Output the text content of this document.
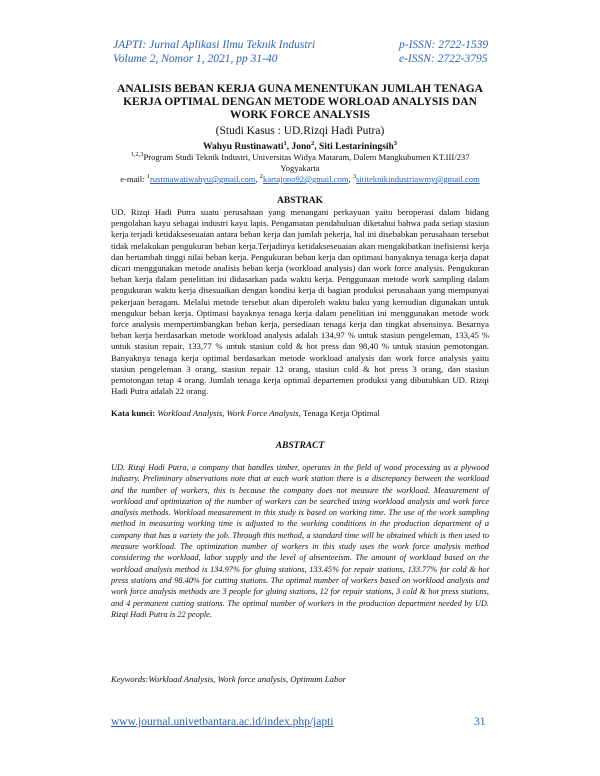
JAPTI: Jurnal Aplikasi Ilmu Teknik Industri
Volume 2, Nomor 1, 2021, pp 31-40
p-ISSN: 2722-1539
e-ISSN: 2722-3795
ANALISIS BEBAN KERJA GUNA MENENTUKAN JUMLAH TENAGA
KERJA OPTIMAL DENGAN METODE WORLOAD ANALYSIS DAN
WORK FORCE ANALYSIS
(Studi Kasus : UD.Rizqi Hadi Putra)
Wahyu Rustinawati$^1$, Jono$^2$, Siti Lestariningsih$^3$
$^{1,2,3}$Program Studi Teknik Industri, Universitas Widya Mataram, Dalem Mangkubumen KT.III/237
Yogyakarta
e-mail: $^1$rustinawatiwahyu@gmail.com, $^2$kartajono92@gmail.com, $^3$sititeknikindustriawmy@gmail.com
ABSTRAK

UD. Rizqi Hadi Putra suatu perusahaan yang menangani perkayuan yaitu beroperasi dalam bidang pengolahan kayu sebagai industri kayu lapis. Pengamatan pendahuluan diketahui bahwa pada setiap stasiun kerja terjadi ketidakseseuaian antara beban kerja dan jumlah pekerja, hal ini disebabkan perusahaan tersebut tidak melakukan pengukuran beban kerja.Terjadinya ketidakseseuaian akan mengakibatkan inefisiensi kerja dan bertambah tinggi nilai beban kerja. Pengukuran beban kerja dan optimasi banyaknya tenaga kerja dapat dicari menggunakan metode analisis beban kerja (workload analysis) dan work force analysis. Pengukuran beban kerja dalam penelitian ini didasarkan pada waktu kerja. Penggunaan metode work sampling dalam pengukuran waktu kerja disesuaikan dengan kondisi kerja di bagian produksi perusahaan yang mempunyai pekerjaan beragam. Melalui metode tersebut akan diperoleh waktu baku yang kemudian digunakan untuk mengukur beban kerja. Optimasi bayaknya tenaga kerja dalam penelitian ini menggunakan metode work force analysis mempertimbangkan beban kerja, persediaan tenaga kerja dan tingkat absensinya. Besarnya beban kerja berdasarkan metode workload analysis adalah 134,97 % untuk stasiun pengeleman, 133,45 % untuk stasiun repair, 133,77 % untuk stasiun cold & hot press dan 98,40 % untuk stasiun pemotongan. Banyaknya tenaga kerja optimal berdasarkan metode workload analysis dan work force analysis yaitu stasiun pengeleman 3 orang, stasiun repair 12 orang, stasiun cold & hot press 3 orang, dan stasiun pemotongan tetap 4 orang. Jumlah tenaga kerja optimal departemen produksi yang dibutuhkan UD. Rizqi Hadi Putra adalah 22 orang.

Kata kunci: Workload Analysis, Work Force Analysis, Tenaga Kerja Optimal
ABSTRACT

UD. Rizqi Hadi Putra, a company that handles timber, operates in the field of wood processing as a plywood industry. Preliminary observations note that at each work station there is a discrepancy between the workload and the number of workers, this is because the company does not measure the workload. Measurement of workload and optimization of the number of workers can be searched using workload analysis and work force analysis methods. Workload measurement in this study is based on working time. The use of the work sampling method in measuring working time is adjusted to the working conditions in the production department of a company that has a variety the job. Through this method, a standard time will be obtained which is then used to measure workload. The optimization number of workers in this study uses the work force analysis method considering the workload, labor supply and the level of absenteeism. The amount of workload based on the workload analysis method is 134.97% for gluing stations, 133.45% for repair stations, 133.77% for cold & hot press stations and 98.40% for cutting stations. The optimal number of workers based on workload analysis and work force analysis methods are 3 people for gluing stations, 12 for repair stations, 3 cold & hot press stations, and 4 permanent cutting stations. The optimal number of workers in the production department needed by UD. Rizqi Hadi Putra is 22 people.

Keywords:Workload Analysis, Work force analysis, Optimum Labor
www.journal.univetbantara.ac.id/index.php/japti	31
